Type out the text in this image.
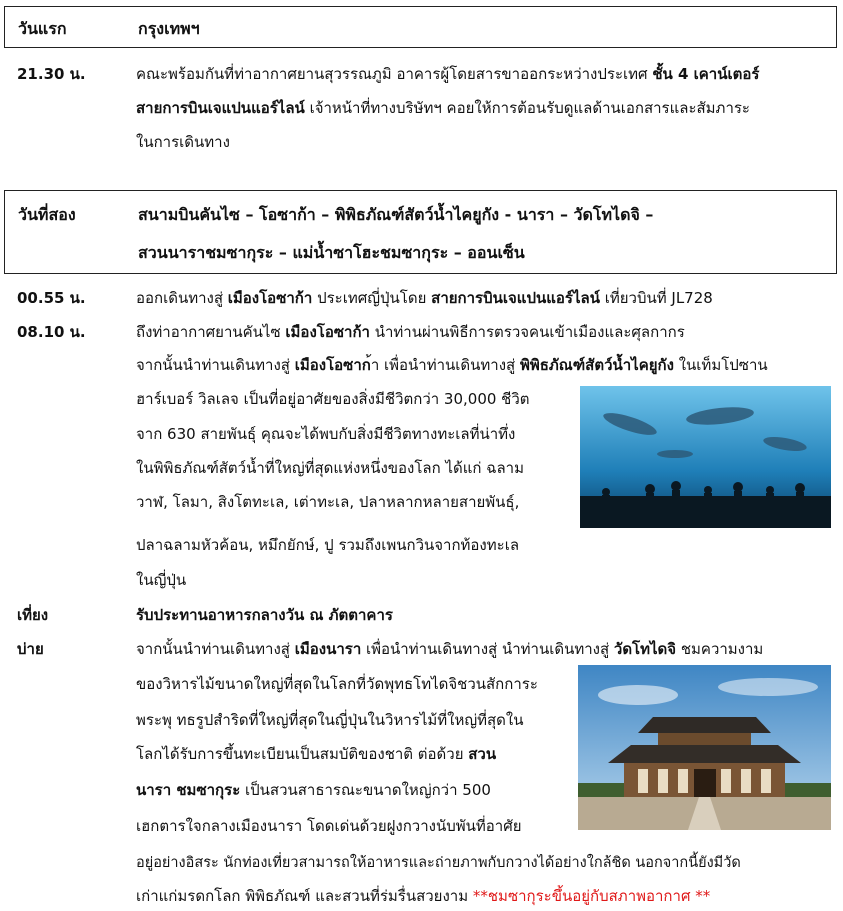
วันแรก	กรุงเทพฯ
21.30 น.	คณะพร้อมกันที่ท่าอากาศยานสุวรรณภูมิ อาคารผู้โดยสารขาออกระหว่างประเทศ ชั้น 4 เคาน์เตอร์
สายการบินเจแปนแอร์ไลน์ เจ้าหน้าที่ทางบริษัทฯ คอยให้การต้อนรับดูแลด้านเอกสารและสัมภาระ
ในการเดินทาง
วันที่สอง	สนามบินคันไซ – โอซาก้า – พิพิธภัณฑ์สัตว์น้ำไคยูกัง - นารา – วัดโทไดจิ –
สวนนาราชมซากุระ – แม่น้ำซาโฮะชมซากุระ – ออนเซ็น
00.55 น.	ออกเดินทางสู่ เมืองโอซาก้า ประเทศญี่ปุ่นโดย สายการบินเจแปนแอร์ไลน์ เที่ยวบินที่ JL728
08.10 น.	ถึงท่าอากาศยานคันไซ เมืองโอซาก้า นำท่านผ่านพิธีการตรวจคนเข้าเมืองและศุลกากร
จากนั้นนำท่านเดินทางสู่ เมืองโอซาก้า เพื่อนำท่านเดินทางสู่ พิพิธภัณฑ์สัตว์น้ำไคยูกัง ในเท็มโปซาน
ฮาร์เบอร์ วิลเลจ เป็นที่อยู่อาศัยของสิ่งมีชีวิตกว่า 30,000 ชีวิต
จาก 630 สายพันธุ์ คุณจะได้พบกับสิ่งมีชีวิตทางทะเลที่น่าทึ่ง
ในพิพิธภัณฑ์สัตว์น้ำที่ใหญ่ที่สุดแห่งหนึ่งของโลก ได้แก่ ฉลาม
วาฬ, โลมา, สิงโตทะเล, เต่าทะเล, ปลาหลากหลายสายพันธุ์,
ปลาฉลามหัวค้อน, หมึกยักษ์, ปู รวมถึงเพนกวินจากท้องทะเล
ในญี่ปุ่น
เที่ยง	รับประทานอาหารกลางวัน ณ ภัตตาคาร
บ่าย	จากนั้นนำท่านเดินทางสู่ เมืองนารา เพื่อนำท่านเดินทางสู่ นำท่านเดินทางสู่ วัดโทไดจิ ชมความงาม
ของวิหารไม้ขนาดใหญ่ที่สุดในโลกที่วัดพุทธโทไดจิชวนสักการะ
พระพุ ทธรูปสำริดที่ใหญ่ที่สุดในญี่ปุ่นในวิหารไม้ที่ใหญ่ที่สุดใน
โลกได้รับการขึ้นทะเบียนเป็นสมบัติของชาติ ต่อด้วย สวน
นารา ชมซากุระ เป็นสวนสาธารณะขนาดใหญ่กว่า 500
เฮกตารใจกลางเมืองนารา โดดเด่นด้วยฝูงกวางนับพันที่อาศัย
อยู่อย่างอิสระ นักท่องเที่ยวสามารถให้อาหารและถ่ายภาพกับกวางได้อย่างใกล้ชิด นอกจากนี้ยังมีวัด
เก่าแก่มรดกโลก พิพิธภัณฑ์ และสวนที่ร่มรื่นสวยงาม **ชมซากุระขึ้นอยู่กับสภาพอากาศ **
